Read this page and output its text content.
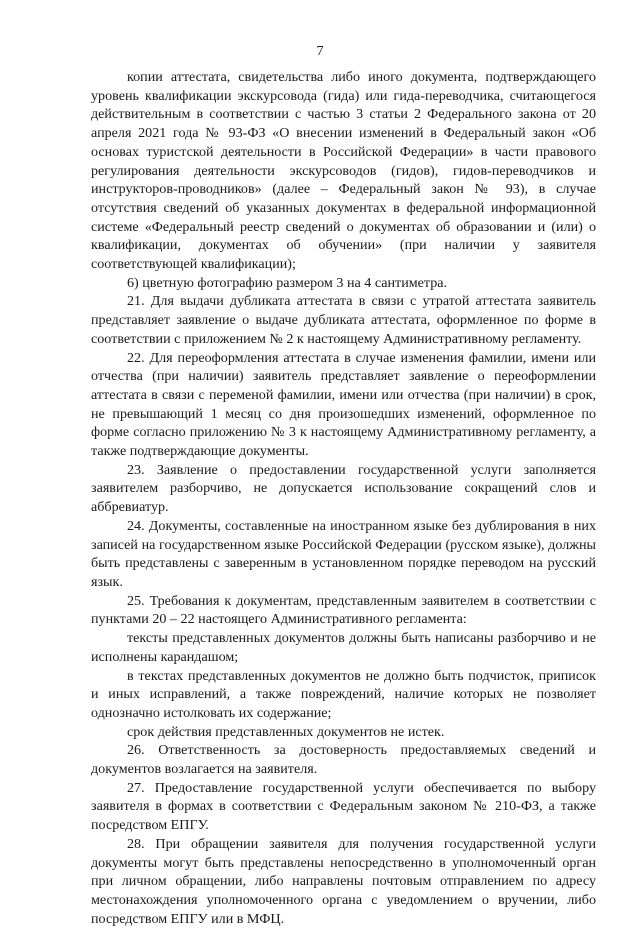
7

копии аттестата, свидетельства либо иного документа, подтверждающего уровень квалификации экскурсовода (гида) или гида-переводчика, считающегося действительным в соответствии с частью 3 статьи 2 Федерального закона от 20 апреля 2021 года № 93-ФЗ «О внесении изменений в Федеральный закон «Об основах туристской деятельности в Российской Федерации» в части правового регулирования деятельности экскурсоводов (гидов), гидов-переводчиков и инструкторов-проводников» (далее – Федеральный закон № 93), в случае отсутствия сведений об указанных документах в федеральной информационной системе «Федеральный реестр сведений о документах об образовании и (или) о квалификации, документах об обучении» (при наличии у заявителя соответствующей квалификации);

6) цветную фотографию размером 3 на 4 сантиметра.

21. Для выдачи дубликата аттестата в связи с утратой аттестата заявитель представляет заявление о выдаче дубликата аттестата, оформленное по форме в соответствии с приложением № 2 к настоящему Административному регламенту.

22. Для переоформления аттестата в случае изменения фамилии, имени или отчества (при наличии) заявитель представляет заявление о переоформлении аттестата в связи с переменой фамилии, имени или отчества (при наличии) в срок, не превышающий 1 месяц со дня произошедших изменений, оформленное по форме согласно приложению № 3 к настоящему Административному регламенту, а также подтверждающие документы.

23. Заявление о предоставлении государственной услуги заполняется заявителем разборчиво, не допускается использование сокращений слов и аббревиатур.

24. Документы, составленные на иностранном языке без дублирования в них записей на государственном языке Российской Федерации (русском языке), должны быть представлены с заверенным в установленном порядке переводом на русский язык.

25. Требования к документам, представленным заявителем в соответствии с пунктами 20 – 22 настоящего Административного регламента:

тексты представленных документов должны быть написаны разборчиво и не исполнены карандашом;

в текстах представленных документов не должно быть подчисток, приписок и иных исправлений, а также повреждений, наличие которых не позволяет однозначно истолковать их содержание;

срок действия представленных документов не истек.

26. Ответственность за достоверность предоставляемых сведений и документов возлагается на заявителя.

27. Предоставление государственной услуги обеспечивается по выбору заявителя в формах в соответствии с Федеральным законом № 210-ФЗ, а также посредством ЕПГУ.

28. При обращении заявителя для получения государственной услуги документы могут быть представлены непосредственно в уполномоченный орган при личном обращении, либо направлены почтовым отправлением по адресу местонахождения уполномоченного органа с уведомлением о вручении, либо посредством ЕПГУ или в МФЦ.
